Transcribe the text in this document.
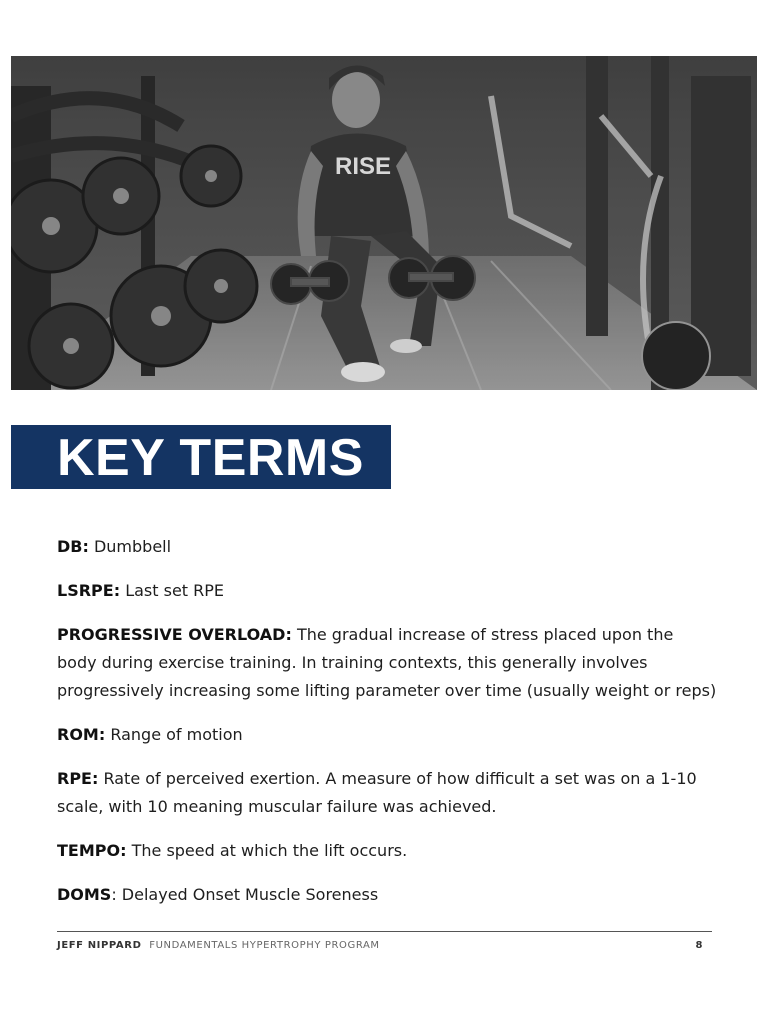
RISE
KEY TERMS

DB: Dumbbell

LSRPE: Last set RPE

PROGRESSIVE OVERLOAD: The gradual increase of stress placed upon the body during exercise training. In training contexts, this generally involves progressively increasing some lifting parameter over time (usually weight or reps)

ROM: Range of motion

RPE: Rate of perceived exertion. A measure of how difficult a set was on a 1-10 scale, with 10 meaning muscular failure was achieved.

TEMPO: The speed at which the lift occurs.

DOMS: Delayed Onset Muscle Soreness

JEFF NIPPARD FUNDAMENTALS HYPERTROPHY PROGRAM	8
